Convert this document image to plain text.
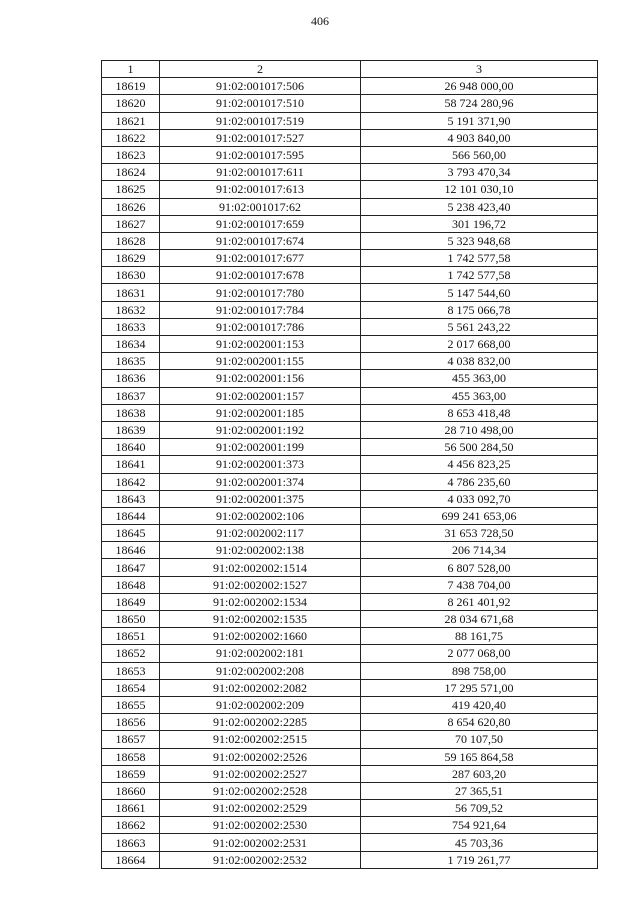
406
1	2	3
18619	91:02:001017:506	26 948 000,00
18620	91:02:001017:510	58 724 280,96
18621	91:02:001017:519	5 191 371,90
18622	91:02:001017:527	4 903 840,00
18623	91:02:001017:595	566 560,00
18624	91:02:001017:611	3 793 470,34
18625	91:02:001017:613	12 101 030,10
18626	91:02:001017:62	5 238 423,40
18627	91:02:001017:659	301 196,72
18628	91:02:001017:674	5 323 948,68
18629	91:02:001017:677	1 742 577,58
18630	91:02:001017:678	1 742 577,58
18631	91:02:001017:780	5 147 544,60
18632	91:02:001017:784	8 175 066,78
18633	91:02:001017:786	5 561 243,22
18634	91:02:002001:153	2 017 668,00
18635	91:02:002001:155	4 038 832,00
18636	91:02:002001:156	455 363,00
18637	91:02:002001:157	455 363,00
18638	91:02:002001:185	8 653 418,48
18639	91:02:002001:192	28 710 498,00
18640	91:02:002001:199	56 500 284,50
18641	91:02:002001:373	4 456 823,25
18642	91:02:002001:374	4 786 235,60
18643	91:02:002001:375	4 033 092,70
18644	91:02:002002:106	699 241 653,06
18645	91:02:002002:117	31 653 728,50
18646	91:02:002002:138	206 714,34
18647	91:02:002002:1514	6 807 528,00
18648	91:02:002002:1527	7 438 704,00
18649	91:02:002002:1534	8 261 401,92
18650	91:02:002002:1535	28 034 671,68
18651	91:02:002002:1660	88 161,75
18652	91:02:002002:181	2 077 068,00
18653	91:02:002002:208	898 758,00
18654	91:02:002002:2082	17 295 571,00
18655	91:02:002002:209	419 420,40
18656	91:02:002002:2285	8 654 620,80
18657	91:02:002002:2515	70 107,50
18658	91:02:002002:2526	59 165 864,58
18659	91:02:002002:2527	287 603,20
18660	91:02:002002:2528	27 365,51
18661	91:02:002002:2529	56 709,52
18662	91:02:002002:2530	754 921,64
18663	91:02:002002:2531	45 703,36
18664	91:02:002002:2532	1 719 261,77
